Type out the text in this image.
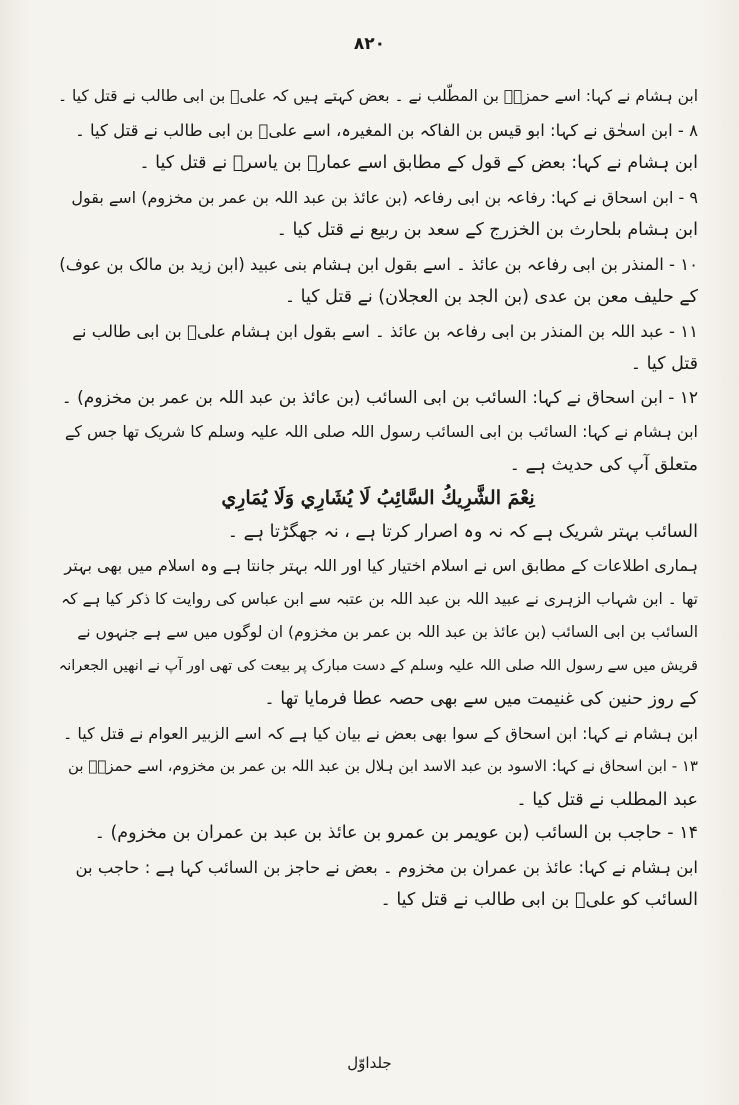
۸۲۰
ابن ہشام نے کہا: اسے حمزۃؓ بن المطّلب نے ۔ بعض کہتے ہیں کہ علیؓ بن ابی طالب نے قتل کیا ۔
۸ - ابن اسحٰق نے کہا: ابو قیس بن الفاکہ بن المغیرہ، اسے علیؓ بن ابی طالب نے قتل کیا ۔
ابن ہشام نے کہا: بعض کے قول کے مطابق اسے عمارؓ بن یاسرؓ نے قتل کیا ۔
۹ - ابن اسحاق نے کہا: رفاعہ بن ابی رفاعہ (بن عائذ بن عبد اللہ بن عمر بن مخزوم) اسے بقول
ابن ہشام بلحارث بن الخزرج کے سعد بن ربیع نے قتل کیا ۔
۱۰ - المنذر بن ابی رفاعہ بن عائذ ۔ اسے بقول ابن ہشام بنی عبید (ابن زید بن مالک بن عوف)
کے حلیف معن بن عدی (بن الجد بن العجلان) نے قتل کیا ۔
۱۱ - عبد اللہ بن المنذر بن ابی رفاعہ بن عائذ ۔ اسے بقول ابن ہشام علیؓ بن ابی طالب نے
قتل کیا ۔
۱۲ - ابن اسحاق نے کہا: السائب بن ابی السائب (بن عائذ بن عبد اللہ بن عمر بن مخزوم) ۔
ابن ہشام نے کہا: السائب بن ابی السائب رسول اللہ صلی اللہ علیہ وسلم کا شریک تھا جس کے
متعلق آپ کی حدیث ہے ۔
نِعْمَ الشَّرِيكُ السَّائِبُ لَا يُشَارِي وَلَا يُمَارِي
السائب بہتر شریک ہے کہ نہ وہ اصرار کرتا ہے ، نہ جھگڑتا ہے ۔
ہماری اطلاعات کے مطابق اس نے اسلام اختیار کیا اور اللہ بہتر جانتا ہے وہ اسلام میں بھی بہتر
تھا ۔ ابن شہاب الزہری نے عبید اللہ بن عبد اللہ بن عتبہ سے ابن عباس کی روایت کا ذکر کیا ہے کہ
السائب بن ابی السائب (بن عائذ بن عبد اللہ بن عمر بن مخزوم) ان لوگوں میں سے ہے جنہوں نے
قریش میں سے رسول اللہ صلی اللہ علیہ وسلم کے دست مبارک پر بیعت کی تھی اور آپ نے انھیں الجعرانہ
کے روز حنین کی غنیمت میں سے بھی حصہ عطا فرمایا تھا ۔
ابن ہشام نے کہا: ابن اسحاق کے سوا بھی بعض نے بیان کیا ہے کہ اسے الزبیر العوام نے قتل کیا ۔
۱۳ - ابن اسحاق نے کہا: الاسود بن عبد الاسد ابن ہلال بن عبد اللہ بن عمر بن مخزوم، اسے حمزۃؓ بن
عبد المطلب نے قتل کیا ۔
۱۴ - حاجب بن السائب (بن عویمر بن عمرو بن عائذ بن عبد بن عمران بن مخزوم) ۔
ابن ہشام نے کہا: عائذ بن عمران بن مخزوم ۔ بعض نے حاجز بن السائب کہا ہے : حاجب بن
السائب کو علیؓ بن ابی طالب نے قتل کیا ۔
جلداوّل
